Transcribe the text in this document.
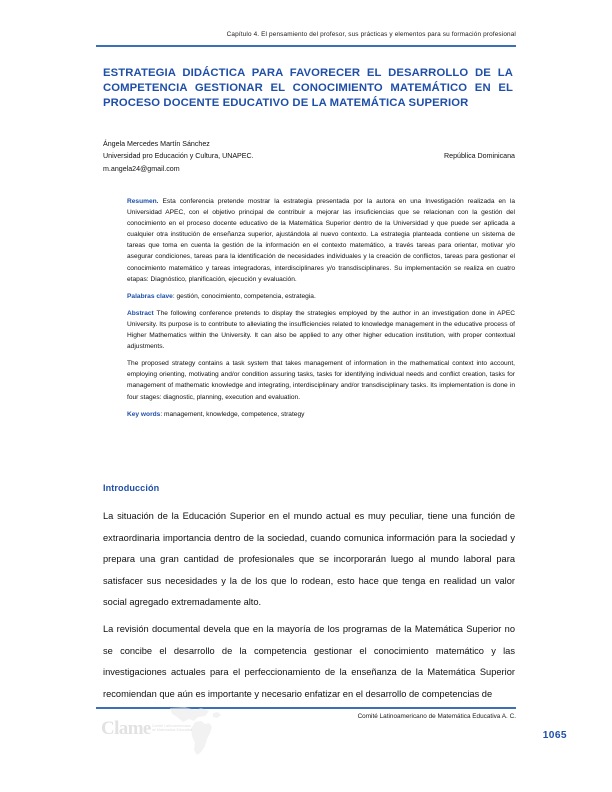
Capítulo 4. El pensamiento del profesor, sus prácticas y elementos para su formación profesional
ESTRATEGIA DIDÁCTICA PARA FAVORECER EL DESARROLLO DE LA COMPETENCIA GESTIONAR EL CONOCIMIENTO MATEMÁTICO EN EL PROCESO DOCENTE EDUCATIVO DE LA MATEMÁTICA SUPERIOR
Ángela Mercedes Martín Sánchez
Universidad pro Educación y Cultura, UNAPEC.	República Dominicana
m.angela24@gmail.com

Resumen. Esta conferencia pretende mostrar la estrategia presentada por la autora en una Investigación realizada en la Universidad APEC, con el objetivo principal de contribuir a mejorar las insuficiencias que se relacionan con la gestión del conocimiento en el proceso docente educativo de la Matemática Superior dentro de la Universidad y que puede ser aplicada a cualquier otra institución de enseñanza superior, ajustándola al nuevo contexto. La estrategia planteada contiene un sistema de tareas que toma en cuenta la gestión de la información en el contexto matemático, a través tareas para orientar, motivar y/o asegurar condiciones, tareas para la identificación de necesidades individuales y la creación de conflictos, tareas para gestionar el conocimiento matemático y tareas integradoras, interdisciplinares y/o transdisciplinares. Su implementación se realiza en cuatro etapas: Diagnóstico, planificación, ejecución y evaluación.

Palabras clave: gestión, conocimiento, competencia, estrategia.

Abstract The following conference pretends to display the strategies employed by the author in an investigation done in APEC University. Its purpose is to contribute to alleviating the insufficiencies related to knowledge management in the educative process of Higher Mathematics within the University. It can also be applied to any other higher education institution, with proper contextual adjustments.

The proposed strategy contains a task system that takes management of information in the mathematical context into account, employing orienting, motivating and/or condition assuring tasks, tasks for identifying individual needs and conflict creation, tasks for management of mathematic knowledge and integrating, interdisciplinary and/or transdisciplinary tasks. Its implementation is done in four stages: diagnostic, planning, execution and evaluation.

Key words: management, knowledge, competence, strategy

Introducción

La situación de la Educación Superior en el mundo actual es muy peculiar, tiene una función de extraordinaria importancia dentro de la sociedad, cuando comunica información para la sociedad y prepara una gran cantidad de profesionales que se incorporarán luego al mundo laboral para satisfacer sus necesidades y la de los que lo rodean, esto hace que tenga en realidad un valor social agregado extremadamente alto.

La revisión documental devela que en la mayoría de los programas de la Matemática Superior no se concibe el desarrollo de la competencia gestionar el conocimiento matemático y las investigaciones actuales para el perfeccionamiento de la enseñanza de la Matemática Superior recomiendan que aún es importante y necesario enfatizar en el desarrollo de competencias de

Comité Latinoamericano de Matemática Educativa A. C.
Clame Comité Latinoamericano
de Matemática Educativa	1065
